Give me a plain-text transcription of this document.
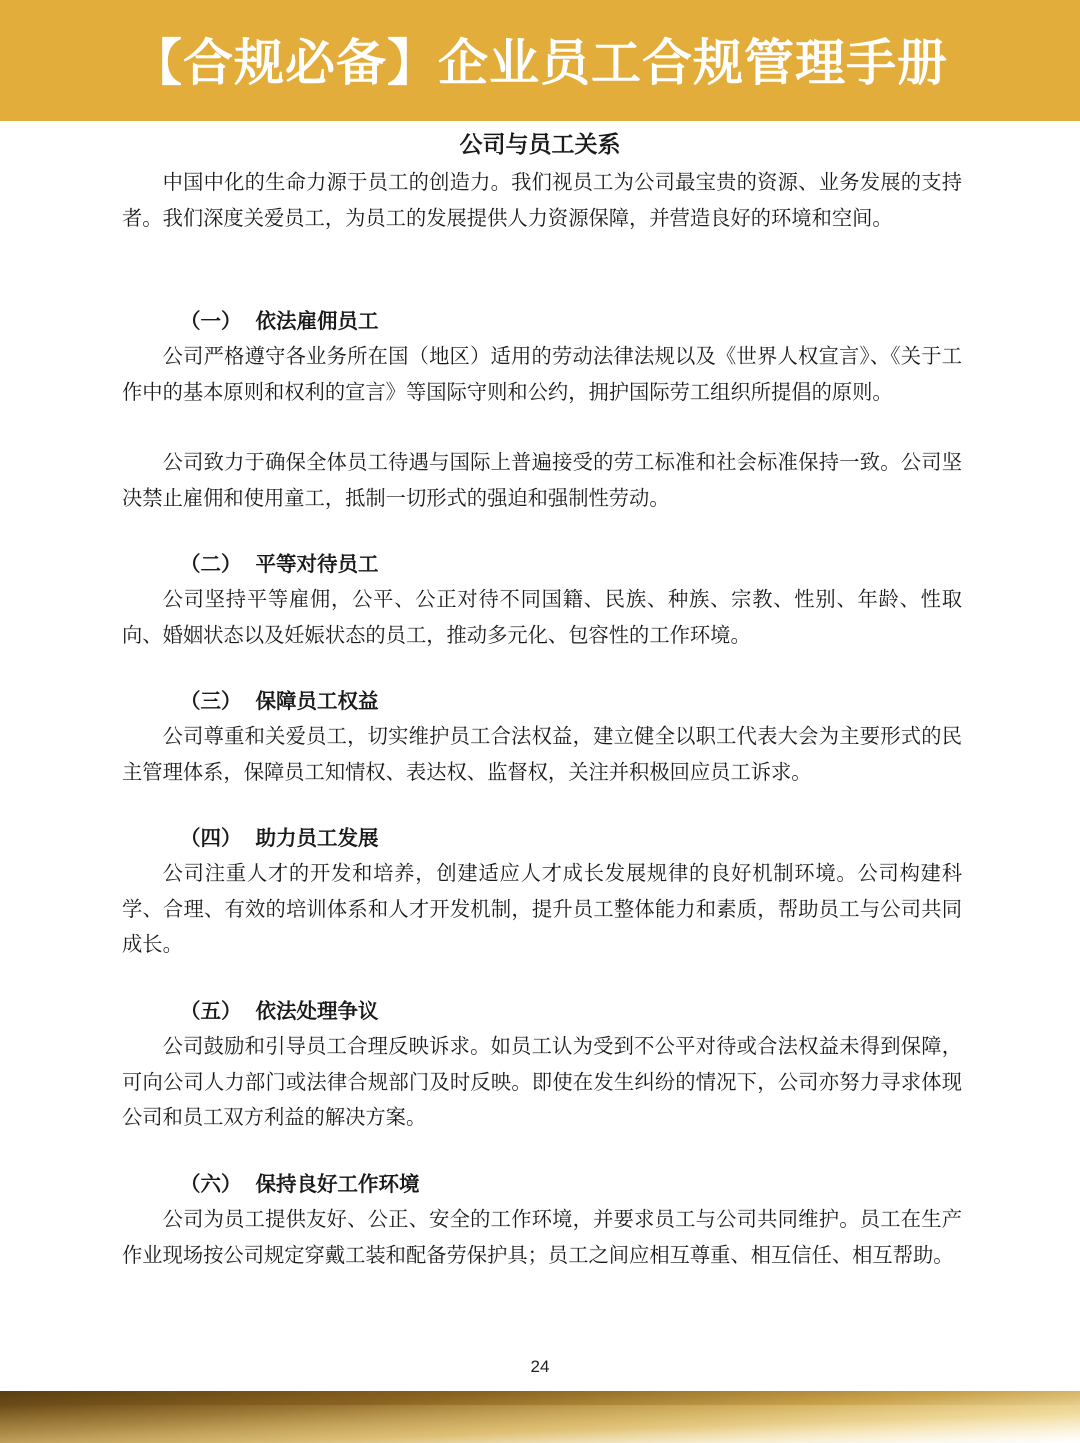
【合规必备】企业员工合规管理手册
公司与员工关系

中国中化的生命力源于员工的创造力。我们视员工为公司最宝贵的资源、业务发展的支持者。我们深度关爱员工，为员工的发展提供人力资源保障，并营造良好的环境和空间。

（一） 依法雇佣员工

公司严格遵守各业务所在国（地区）适用的劳动法律法规以及《世界人权宣言》、《关于工作中的基本原则和权利的宣言》等国际守则和公约，拥护国际劳工组织所提倡的原则。

公司致力于确保全体员工待遇与国际上普遍接受的劳工标准和社会标准保持一致。公司坚决禁止雇佣和使用童工，抵制一切形式的强迫和强制性劳动。

（二） 平等对待员工

公司坚持平等雇佣，公平、公正对待不同国籍、民族、种族、宗教、性别、年龄、性取向、婚姻状态以及妊娠状态的员工，推动多元化、包容性的工作环境。

（三） 保障员工权益

公司尊重和关爱员工，切实维护员工合法权益，建立健全以职工代表大会为主要形式的民主管理体系，保障员工知情权、表达权、监督权，关注并积极回应员工诉求。

（四） 助力员工发展

公司注重人才的开发和培养，创建适应人才成长发展规律的良好机制环境。公司构建科学、合理、有效的培训体系和人才开发机制，提升员工整体能力和素质，帮助员工与公司共同成长。

（五） 依法处理争议

公司鼓励和引导员工合理反映诉求。如员工认为受到不公平对待或合法权益未得到保障，可向公司人力部门或法律合规部门及时反映。即使在发生纠纷的情况下，公司亦努力寻求体现公司和员工双方利益的解决方案。

（六） 保持良好工作环境

公司为员工提供友好、公正、安全的工作环境，并要求员工与公司共同维护。员工在生产作业现场按公司规定穿戴工装和配备劳保护具；员工之间应相互尊重、相互信任、相互帮助。

24
